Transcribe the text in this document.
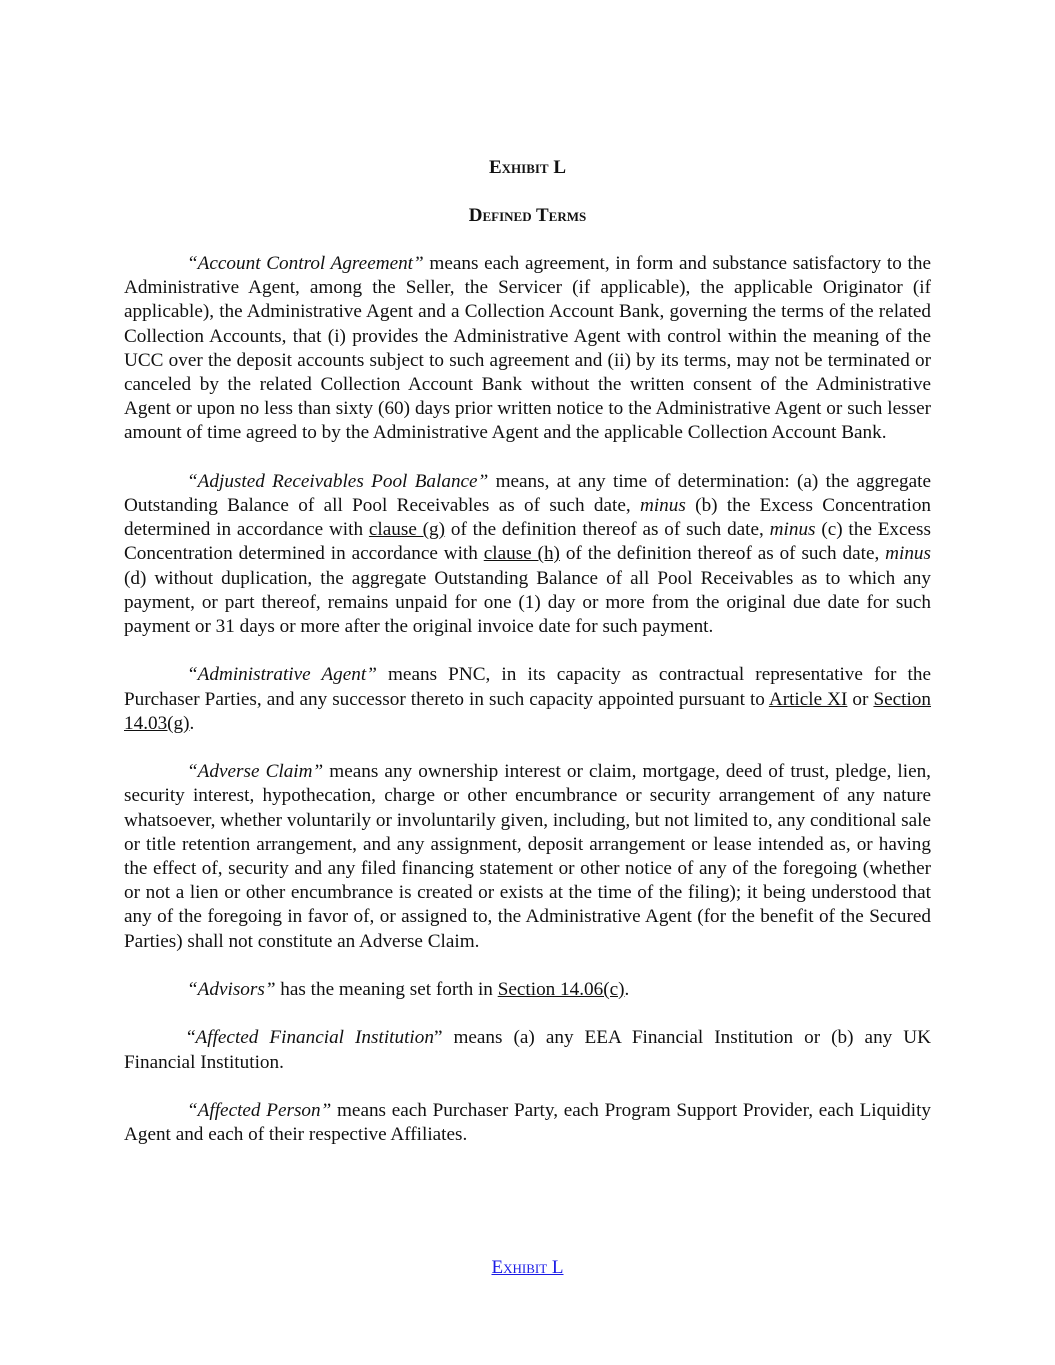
Exhibit L

Defined Terms

“Account Control Agreement” means each agreement, in form and substance satisfactory to the Administrative Agent, among the Seller, the Servicer (if applicable), the applicable Originator (if applicable), the Administrative Agent and a Collection Account Bank, governing the terms of the related Collection Accounts, that (i) provides the Administrative Agent with control within the meaning of the UCC over the deposit accounts subject to such agreement and (ii) by its terms, may not be terminated or canceled by the related Collection Account Bank without the written consent of the Administrative Agent or upon no less than sixty (60) days prior written notice to the Administrative Agent or such lesser amount of time agreed to by the Administrative Agent and the applicable Collection Account Bank.

“Adjusted Receivables Pool Balance” means, at any time of determination: (a) the aggregate Outstanding Balance of all Pool Receivables as of such date, minus (b) the Excess Concentration determined in accordance with clause (g) of the definition thereof as of such date, minus (c) the Excess Concentration determined in accordance with clause (h) of the definition thereof as of such date, minus (d) without duplication, the aggregate Outstanding Balance of all Pool Receivables as to which any payment, or part thereof, remains unpaid for one (1) day or more from the original due date for such payment or 31 days or more after the original invoice date for such payment.

“Administrative Agent” means PNC, in its capacity as contractual representative for the Purchaser Parties, and any successor thereto in such capacity appointed pursuant to Article XI or Section 14.03(g).

“Adverse Claim” means any ownership interest or claim, mortgage, deed of trust, pledge, lien, security interest, hypothecation, charge or other encumbrance or security arrangement of any nature whatsoever, whether voluntarily or involuntarily given, including, but not limited to, any conditional sale or title retention arrangement, and any assignment, deposit arrangement or lease intended as, or having the effect of, security and any filed financing statement or other notice of any of the foregoing (whether or not a lien or other encumbrance is created or exists at the time of the filing); it being understood that any of the foregoing in favor of, or assigned to, the Administrative Agent (for the benefit of the Secured Parties) shall not constitute an Adverse Claim.

“Advisors” has the meaning set forth in Section 14.06(c).

“Affected Financial Institution” means (a) any EEA Financial Institution or (b) any UK Financial Institution.

“Affected Person” means each Purchaser Party, each Program Support Provider, each Liquidity Agent and each of their respective Affiliates.

Exhibit L
